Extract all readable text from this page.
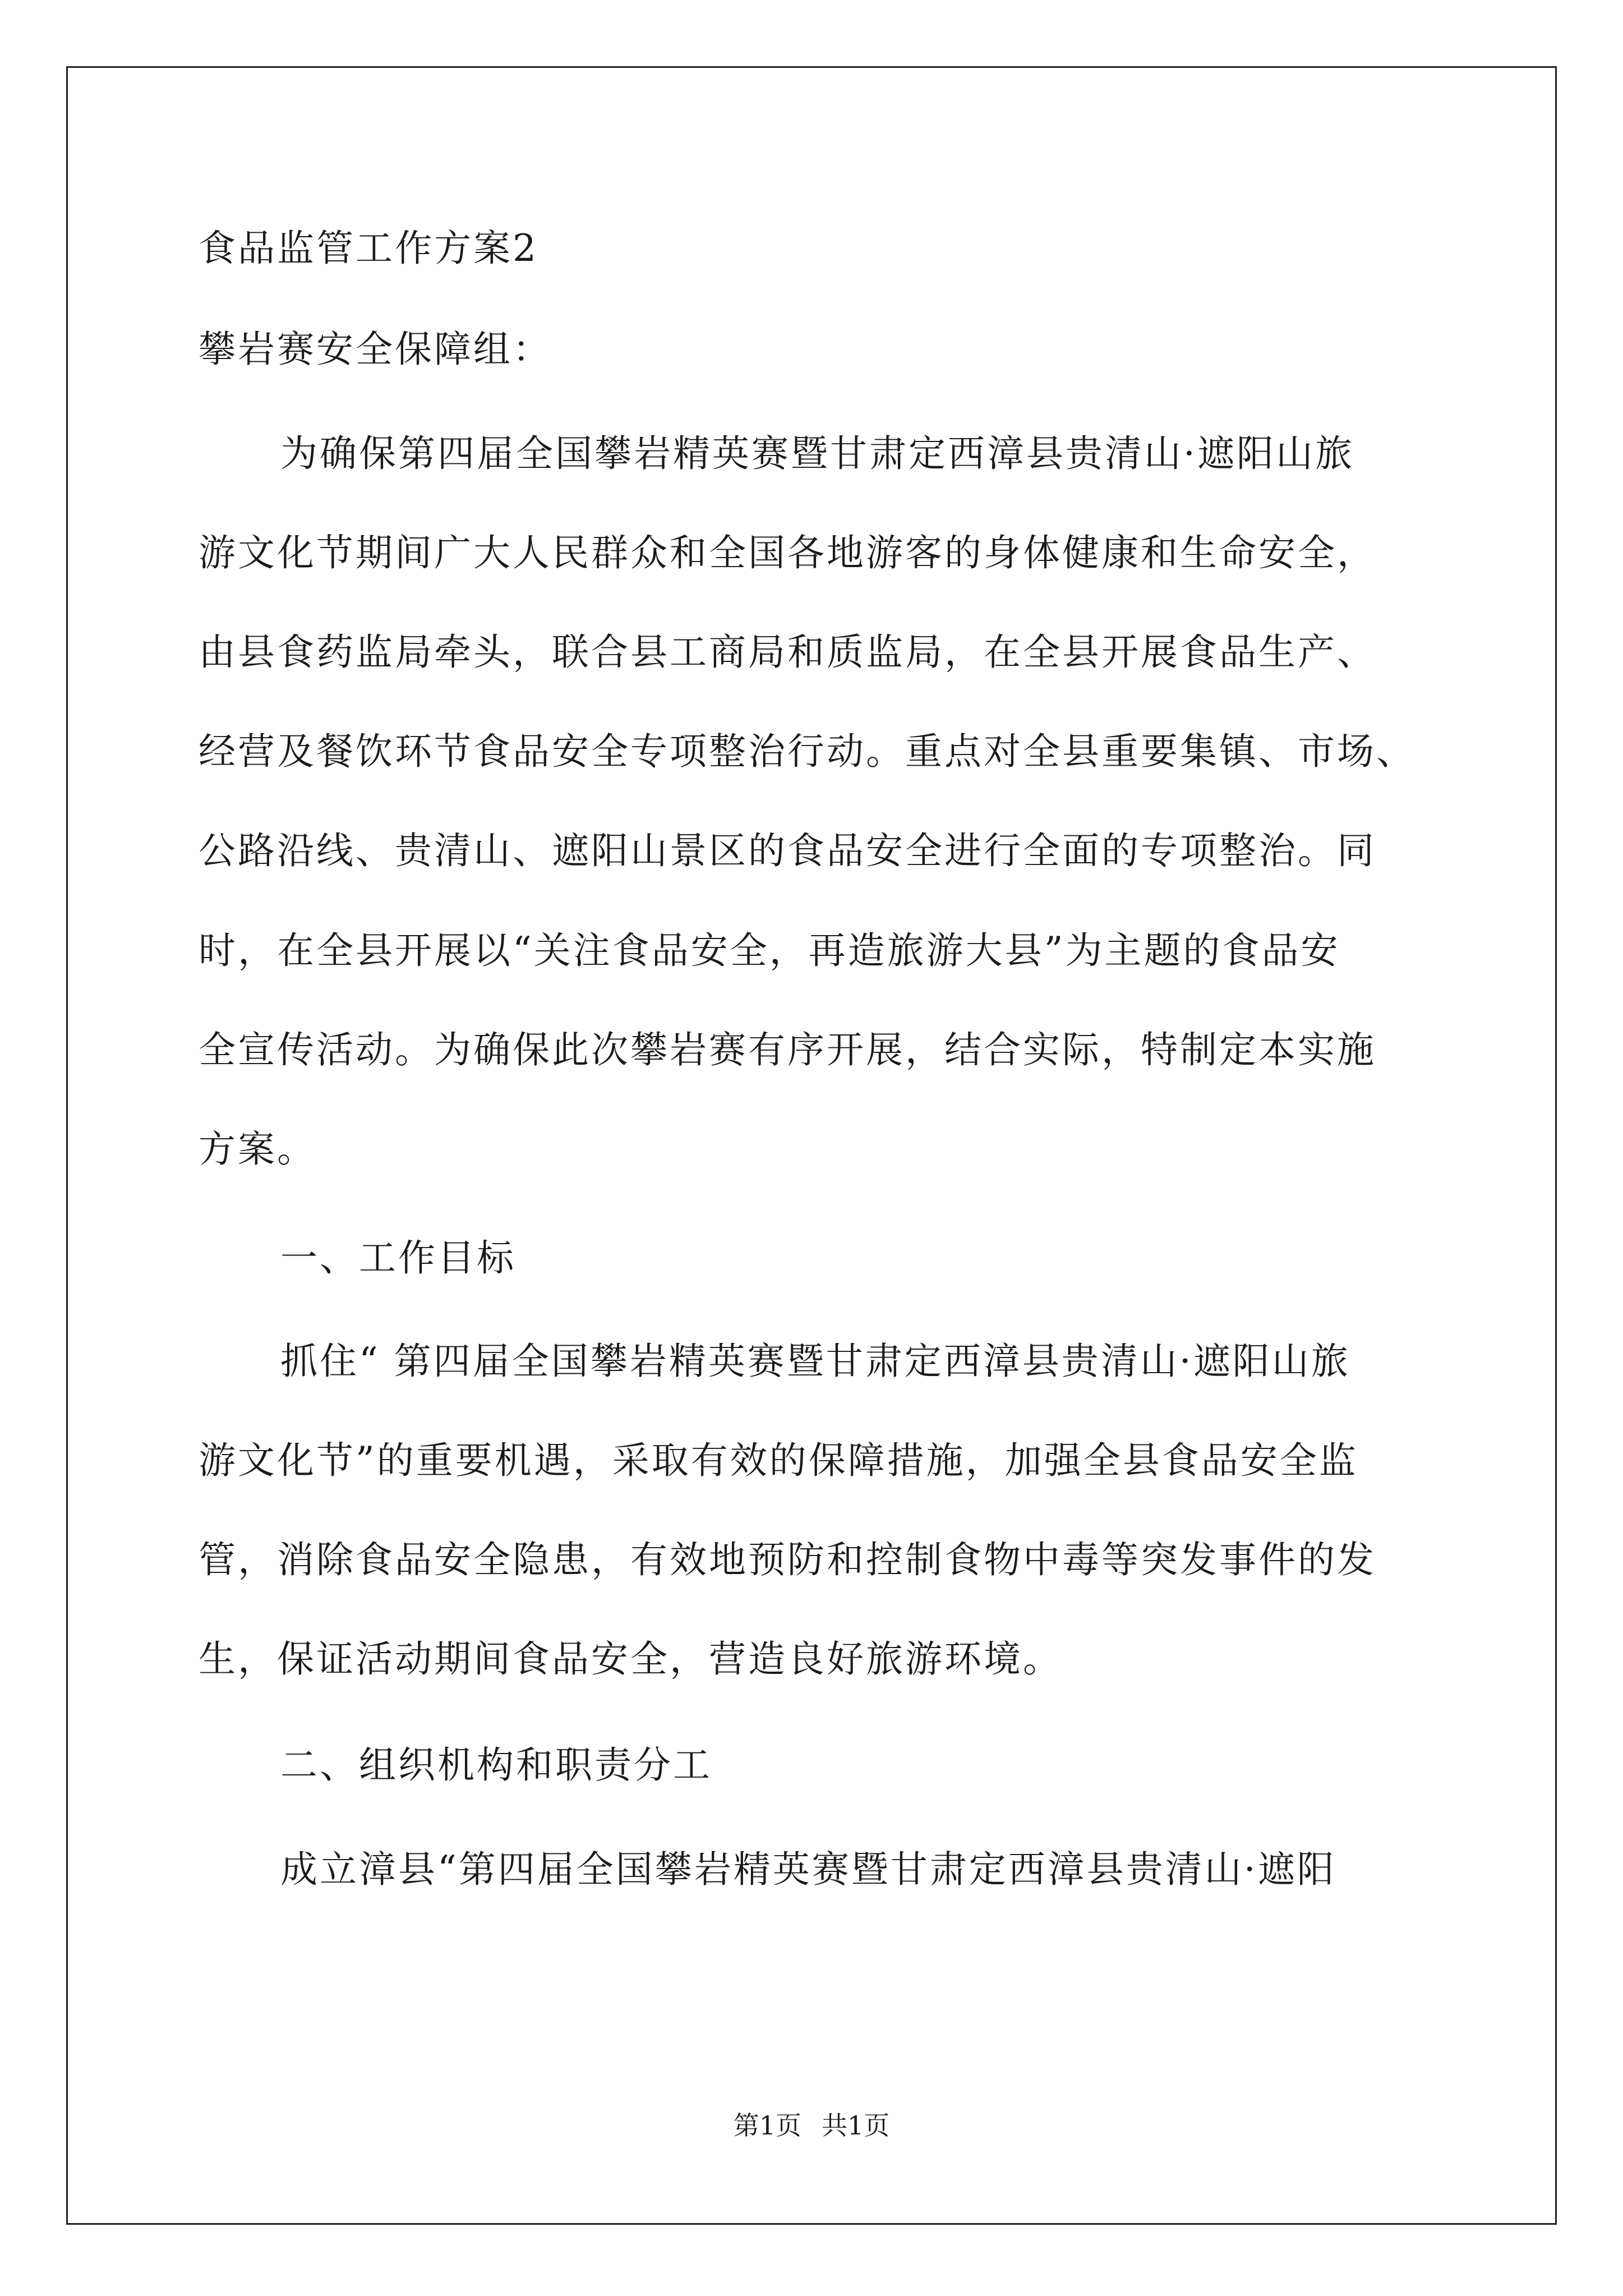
食品监管工作方案2
攀岩赛安全保障组：
为确保第四届全国攀岩精英赛暨甘肃定西漳县贵清山·遮阳山旅
游文化节期间广大人民群众和全国各地游客的身体健康和生命安全，
由县食药监局牵头，联合县工商局和质监局，在全县开展食品生产、
经营及餐饮环节食品安全专项整治行动。重点对全县重要集镇、市场、
公路沿线、贵清山、遮阳山景区的食品安全进行全面的专项整治。同
时，在全县开展以“关注食品安全，再造旅游大县”为主题的食品安
全宣传活动。为确保此次攀岩赛有序开展，结合实际，特制定本实施
方案。
一、工作目标
抓住“ 第四届全国攀岩精英赛暨甘肃定西漳县贵清山·遮阳山旅
游文化节”的重要机遇，采取有效的保障措施，加强全县食品安全监
管，消除食品安全隐患，有效地预防和控制食物中毒等突发事件的发
生，保证活动期间食品安全，营造良好旅游环境。
二、组织机构和职责分工
成立漳县“第四届全国攀岩精英赛暨甘肃定西漳县贵清山·遮阳
第1页 共1页
